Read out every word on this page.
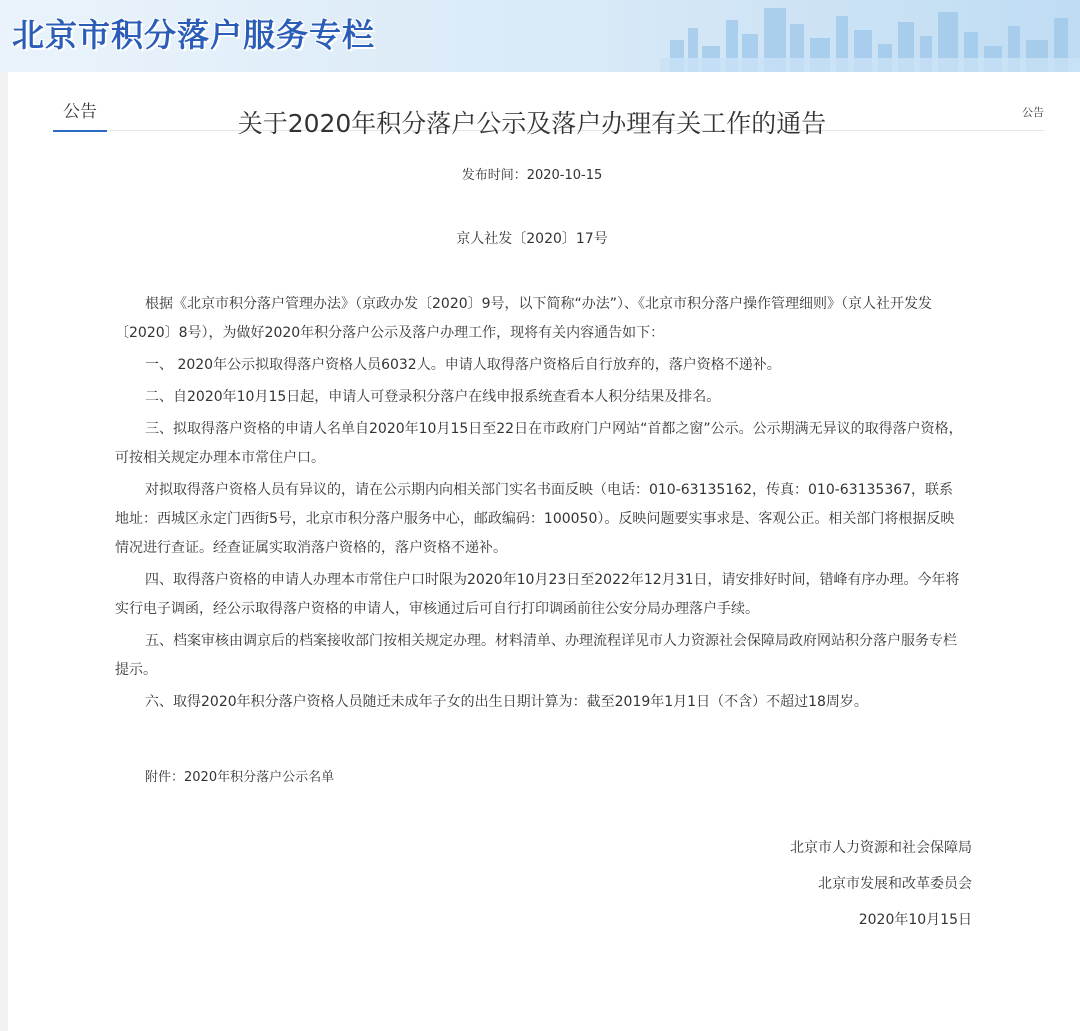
北京市积分落户服务专栏
公告	公告
关于2020年积分落户公示及落户办理有关工作的通告
发布时间：2020-10-15
京人社发〔2020〕17号

根据《北京市积分落户管理办法》（京政办发〔2020〕9号，以下简称“办法”）、《北京市积分落户操作管理细则》（京人社开发发〔2020〕8号），为做好2020年积分落户公示及落户办理工作，现将有关内容通告如下：

一、 2020年公示拟取得落户资格人员6032人。申请人取得落户资格后自行放弃的，落户资格不递补。

二、自2020年10月15日起，申请人可登录积分落户在线申报系统查看本人积分结果及排名。

三、拟取得落户资格的申请人名单自2020年10月15日至22日在市政府门户网站“首都之窗”公示。公示期满无异议的取得落户资格，可按相关规定办理本市常住户口。

对拟取得落户资格人员有异议的，请在公示期内向相关部门实名书面反映（电话：010-63135162，传真：010-63135367，联系地址：西城区永定门西街5号，北京市积分落户服务中心，邮政编码：100050）。反映问题要实事求是、客观公正。相关部门将根据反映情况进行查证。经查证属实取消落户资格的，落户资格不递补。

四、取得落户资格的申请人办理本市常住户口时限为2020年10月23日至2022年12月31日，请安排好时间，错峰有序办理。今年将实行电子调函，经公示取得落户资格的申请人，审核通过后可自行打印调函前往公安分局办理落户手续。

五、档案审核由调京后的档案接收部门按相关规定办理。材料清单、办理流程详见市人力资源社会保障局政府网站积分落户服务专栏提示。

六、取得2020年积分落户资格人员随迁未成年子女的出生日期计算为：截至2019年1月1日（不含）不超过18周岁。

附件：2020年积分落户公示名单
北京市人力资源和社会保障局
北京市发展和改革委员会
2020年10月15日
